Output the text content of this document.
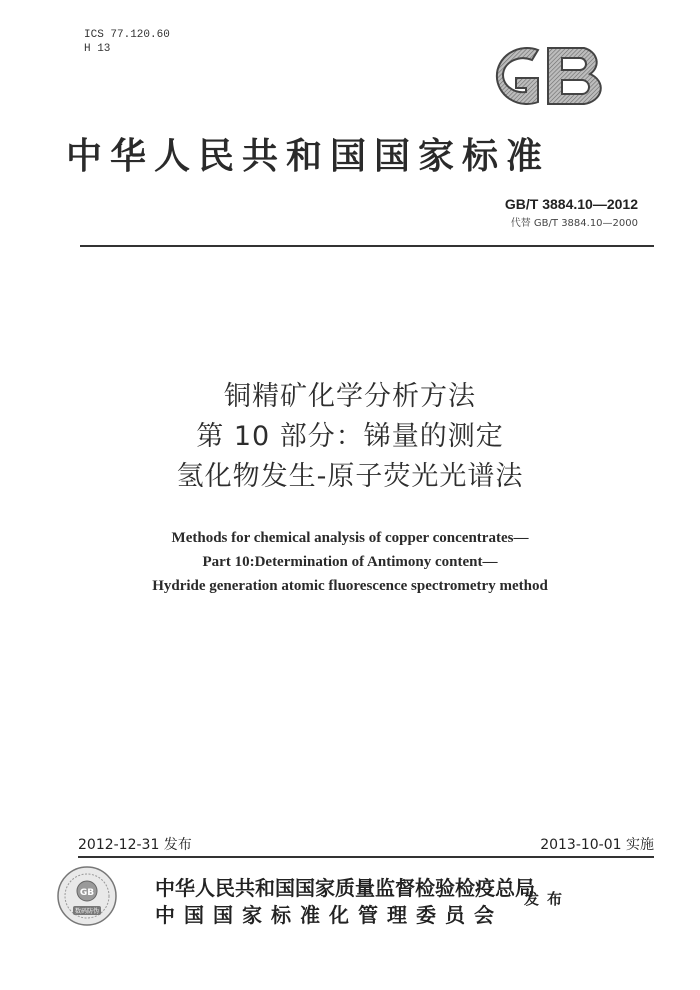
ICS 77.120.60
H 13
中华人民共和国国家标准
GB/T 3884.10—2012
代替 GB/T 3884.10—2000
铜精矿化学分析方法
第 10 部分：锑量的测定
氢化物发生-原子荧光光谱法
Methods for chemical analysis of copper concentrates—
Part 10:Determination of Antimony content—
Hydride generation atomic fluorescence spectrometry method
2012-12-31 发布	2013-10-01 实施
GB
数码防伪
中华人民共和国国家质量监督检验检疫总局
中国国家标准化管理委员会
发布
